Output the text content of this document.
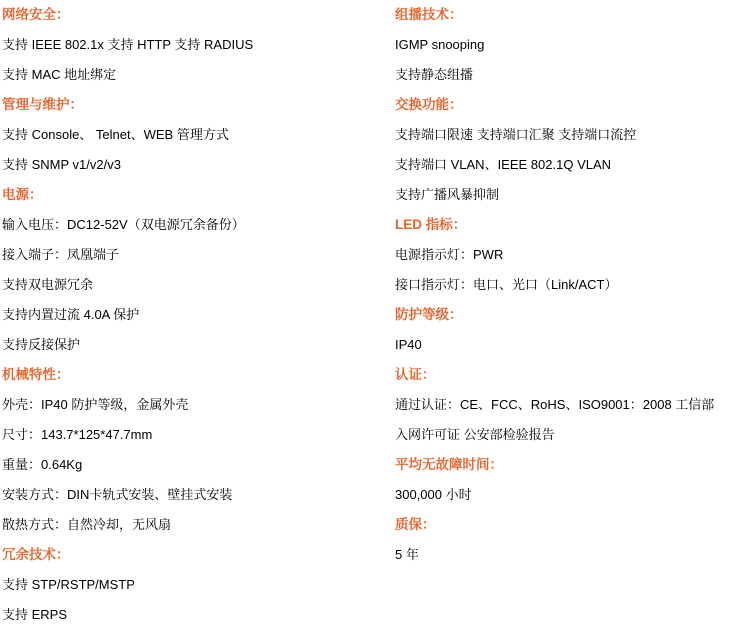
网络安全：
支持 IEEE 802.1x 支持 HTTP 支持 RADIUS
支持 MAC 地址绑定
管理与维护：
支持 Console、 Telnet、WEB 管理方式
支持 SNMP v1/v2/v3
电源：
输入电压：DC12-52V（双电源冗余备份）
接入端子：凤凰端子
支持双电源冗余
支持内置过流 4.0A 保护
支持反接保护
机械特性：
外壳：IP40 防护等级，金属外壳
尺寸：143.7*125*47.7mm
重量：0.64Kg
安装方式：DIN卡轨式安装、壁挂式安装
散热方式：自然冷却，无风扇
冗余技术：
支持 STP/RSTP/MSTP
支持 ERPS
组播技术：
IGMP snooping
支持静态组播
交换功能：
支持端口限速 支持端口汇聚 支持端口流控
支持端口 VLAN、IEEE 802.1Q VLAN
支持广播风暴抑制
LED 指标：
电源指示灯：PWR
接口指示灯：电口、光口（Link/ACT）
防护等级：
IP40
认证：
通过认证：CE、FCC、RoHS、ISO9001：2008 工信部
入网许可证 公安部检验报告
平均无故障时间：
300,000 小时
质保：
5 年
